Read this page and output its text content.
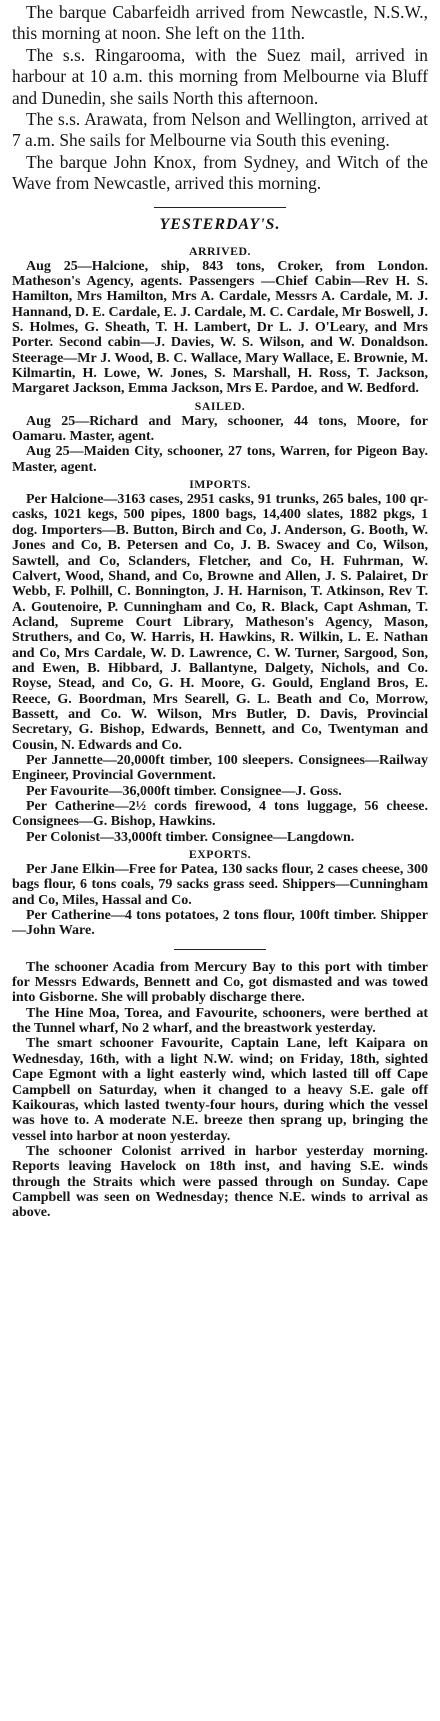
The barque Cabarfeidh arrived from Newcastle, N.S.W., this morning at noon. She left on the 11th.

The s.s. Ringarooma, with the Suez mail, arrived in harbour at 10 a.m. this morning from Melbourne via Bluff and Dunedin, she sails North this afternoon.

The s.s. Arawata, from Nelson and Wellington, arrived at 7 a.m. She sails for Melbourne via South this evening.

The barque John Knox, from Sydney, and Witch of the Wave from Newcastle, arrived this morning.

YESTERDAY'S.
ARRIVED.

Aug 25—Halcione, ship, 843 tons, Croker, from London. Matheson's Agency, agents. Passengers —Chief Cabin—Rev H. S. Hamilton, Mrs Hamilton, Mrs A. Cardale, Messrs A. Cardale, M. J. Hannand, D. E. Cardale, E. J. Cardale, M. C. Cardale, Mr Boswell, J. S. Holmes, G. Sheath, T. H. Lambert, Dr L. J. O'Leary, and Mrs Porter. Second cabin—J. Davies, W. S. Wilson, and W. Donaldson. Steerage—Mr J. Wood, B. C. Wallace, Mary Wallace, E. Brownie, M. Kilmartin, H. Lowe, W. Jones, S. Marshall, H. Ross, T. Jackson, Margaret Jackson, Emma Jackson, Mrs E. Pardoe, and W. Bedford.

SAILED.

Aug 25—Richard and Mary, schooner, 44 tons, Moore, for Oamaru. Master, agent.

Aug 25—Maiden City, schooner, 27 tons, Warren, for Pigeon Bay. Master, agent.

IMPORTS.

Per Halcione—3163 cases, 2951 casks, 91 trunks, 265 bales, 100 qr-casks, 1021 kegs, 500 pipes, 1800 bags, 14,400 slates, 1882 pkgs, 1 dog. Importers—B. Button, Birch and Co, J. Anderson, G. Booth, W. Jones and Co, B. Petersen and Co, J. B. Swacey and Co, Wilson, Sawtell, and Co, Sclanders, Fletcher, and Co, H. Fuhrman, W. Calvert, Wood, Shand, and Co, Browne and Allen, J. S. Palairet, Dr Webb, F. Polhill, C. Bonnington, J. H. Harnison, T. Atkinson, Rev T. A. Goutenoire, P. Cunningham and Co, R. Black, Capt Ashman, T. Acland, Supreme Court Library, Matheson's Agency, Mason, Struthers, and Co, W. Harris, H. Hawkins, R. Wilkin, L. E. Nathan and Co, Mrs Cardale, W. D. Lawrence, C. W. Turner, Sargood, Son, and Ewen, B. Hibbard, J. Ballantyne, Dalgety, Nichols, and Co. Royse, Stead, and Co, G. H. Moore, G. Gould, England Bros, E. Reece, G. Boordman, Mrs Searell, G. L. Beath and Co, Morrow, Bassett, and Co. W. Wilson, Mrs Butler, D. Davis, Provincial Secretary, G. Bishop, Edwards, Bennett, and Co, Twentyman and Cousin, N. Edwards and Co.

Per Jannette—20,000ft timber, 100 sleepers. Consignees—Railway Engineer, Provincial Government.

Per Favourite—36,000ft timber. Consignee—J. Goss.

Per Catherine—2½ cords firewood, 4 tons luggage, 56 cheese. Consignees—G. Bishop, Hawkins.

Per Colonist—33,000ft timber. Consignee—Langdown.

EXPORTS.

Per Jane Elkin—Free for Patea, 130 sacks flour, 2 cases cheese, 300 bags flour, 6 tons coals, 79 sacks grass seed. Shippers—Cunningham and Co, Miles, Hassal and Co.

Per Catherine—4 tons potatoes, 2 tons flour, 100ft timber. Shipper—John Ware.

The schooner Acadia from Mercury Bay to this port with timber for Messrs Edwards, Bennett and Co, got dismasted and was towed into Gisborne. She will probably discharge there.

The Hine Moa, Torea, and Favourite, schooners, were berthed at the Tunnel wharf, No 2 wharf, and the breastwork yesterday.

The smart schooner Favourite, Captain Lane, left Kaipara on Wednesday, 16th, with a light N.W. wind; on Friday, 18th, sighted Cape Egmont with a light easterly wind, which lasted till off Cape Campbell on Saturday, when it changed to a heavy S.E. gale off Kaikouras, which lasted twenty-four hours, during which the vessel was hove to. A moderate N.E. breeze then sprang up, bringing the vessel into harbor at noon yesterday.

The schooner Colonist arrived in harbor yesterday morning. Reports leaving Havelock on 18th inst, and having S.E. winds through the Straits which were passed through on Sunday. Cape Campbell was seen on Wednesday; thence N.E. winds to arrival as above.
